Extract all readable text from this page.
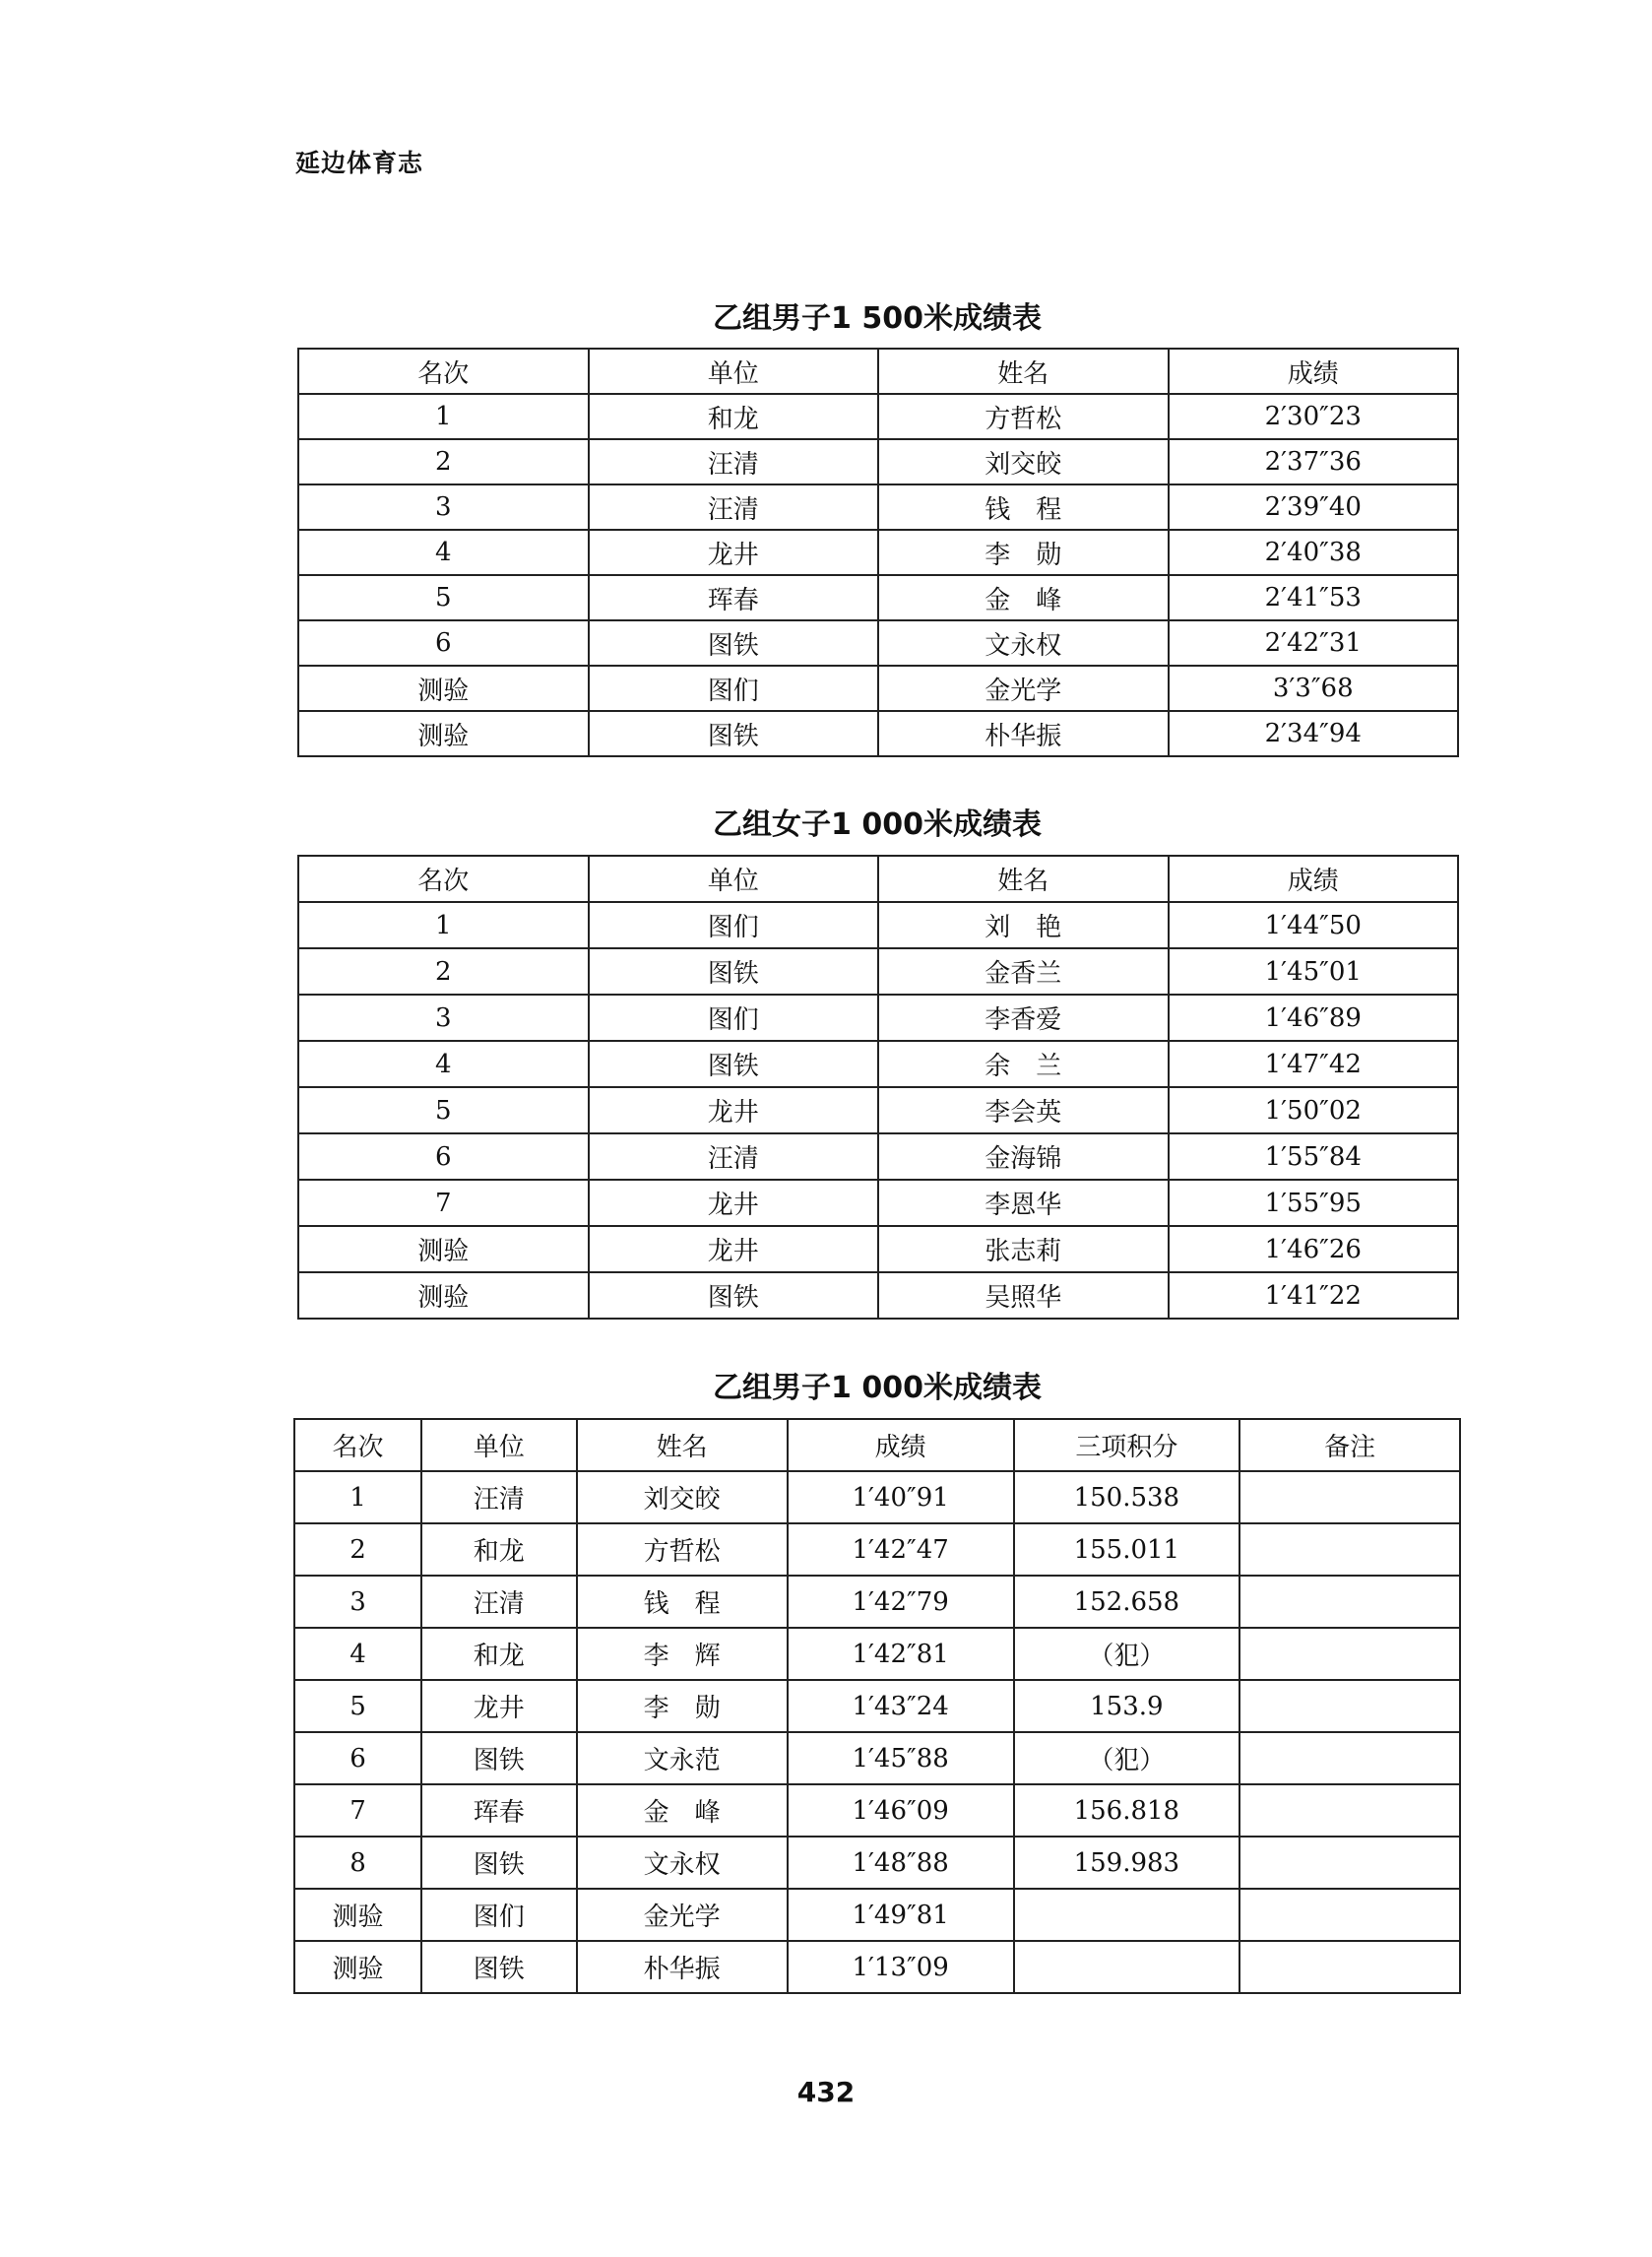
延边体育志
乙组男子1 500米成绩表
名次	单位	姓名	成绩
1	和龙	方哲松	2′30″23
2	汪清	刘交皎	2′37″36
3	汪清	钱　程	2′39″40
4	龙井	李　勋	2′40″38
5	珲春	金　峰	2′41″53
6	图铁	文永权	2′42″31
测验	图们	金光学	3′3″68
测验	图铁	朴华振	2′34″94
乙组女子1 000米成绩表
名次	单位	姓名	成绩
1	图们	刘　艳	1′44″50
2	图铁	金香兰	1′45″01
3	图们	李香爱	1′46″89
4	图铁	余　兰	1′47″42
5	龙井	李会英	1′50″02
6	汪清	金海锦	1′55″84
7	龙井	李恩华	1′55″95
测验	龙井	张志莉	1′46″26
测验	图铁	吴照华	1′41″22
乙组男子1 000米成绩表
名次	单位	姓名	成绩	三项积分	备注
1	汪清	刘交皎	1′40″91	150.538	
2	和龙	方哲松	1′42″47	155.011	
3	汪清	钱　程	1′42″79	152.658	
4	和龙	李　辉	1′42″81	（犯）	
5	龙井	李　勋	1′43″24	153.9	
6	图铁	文永范	1′45″88	（犯）	
7	珲春	金　峰	1′46″09	156.818	
8	图铁	文永权	1′48″88	159.983	
测验	图们	金光学	1′49″81		
测验	图铁	朴华振	1′13″09		
432
